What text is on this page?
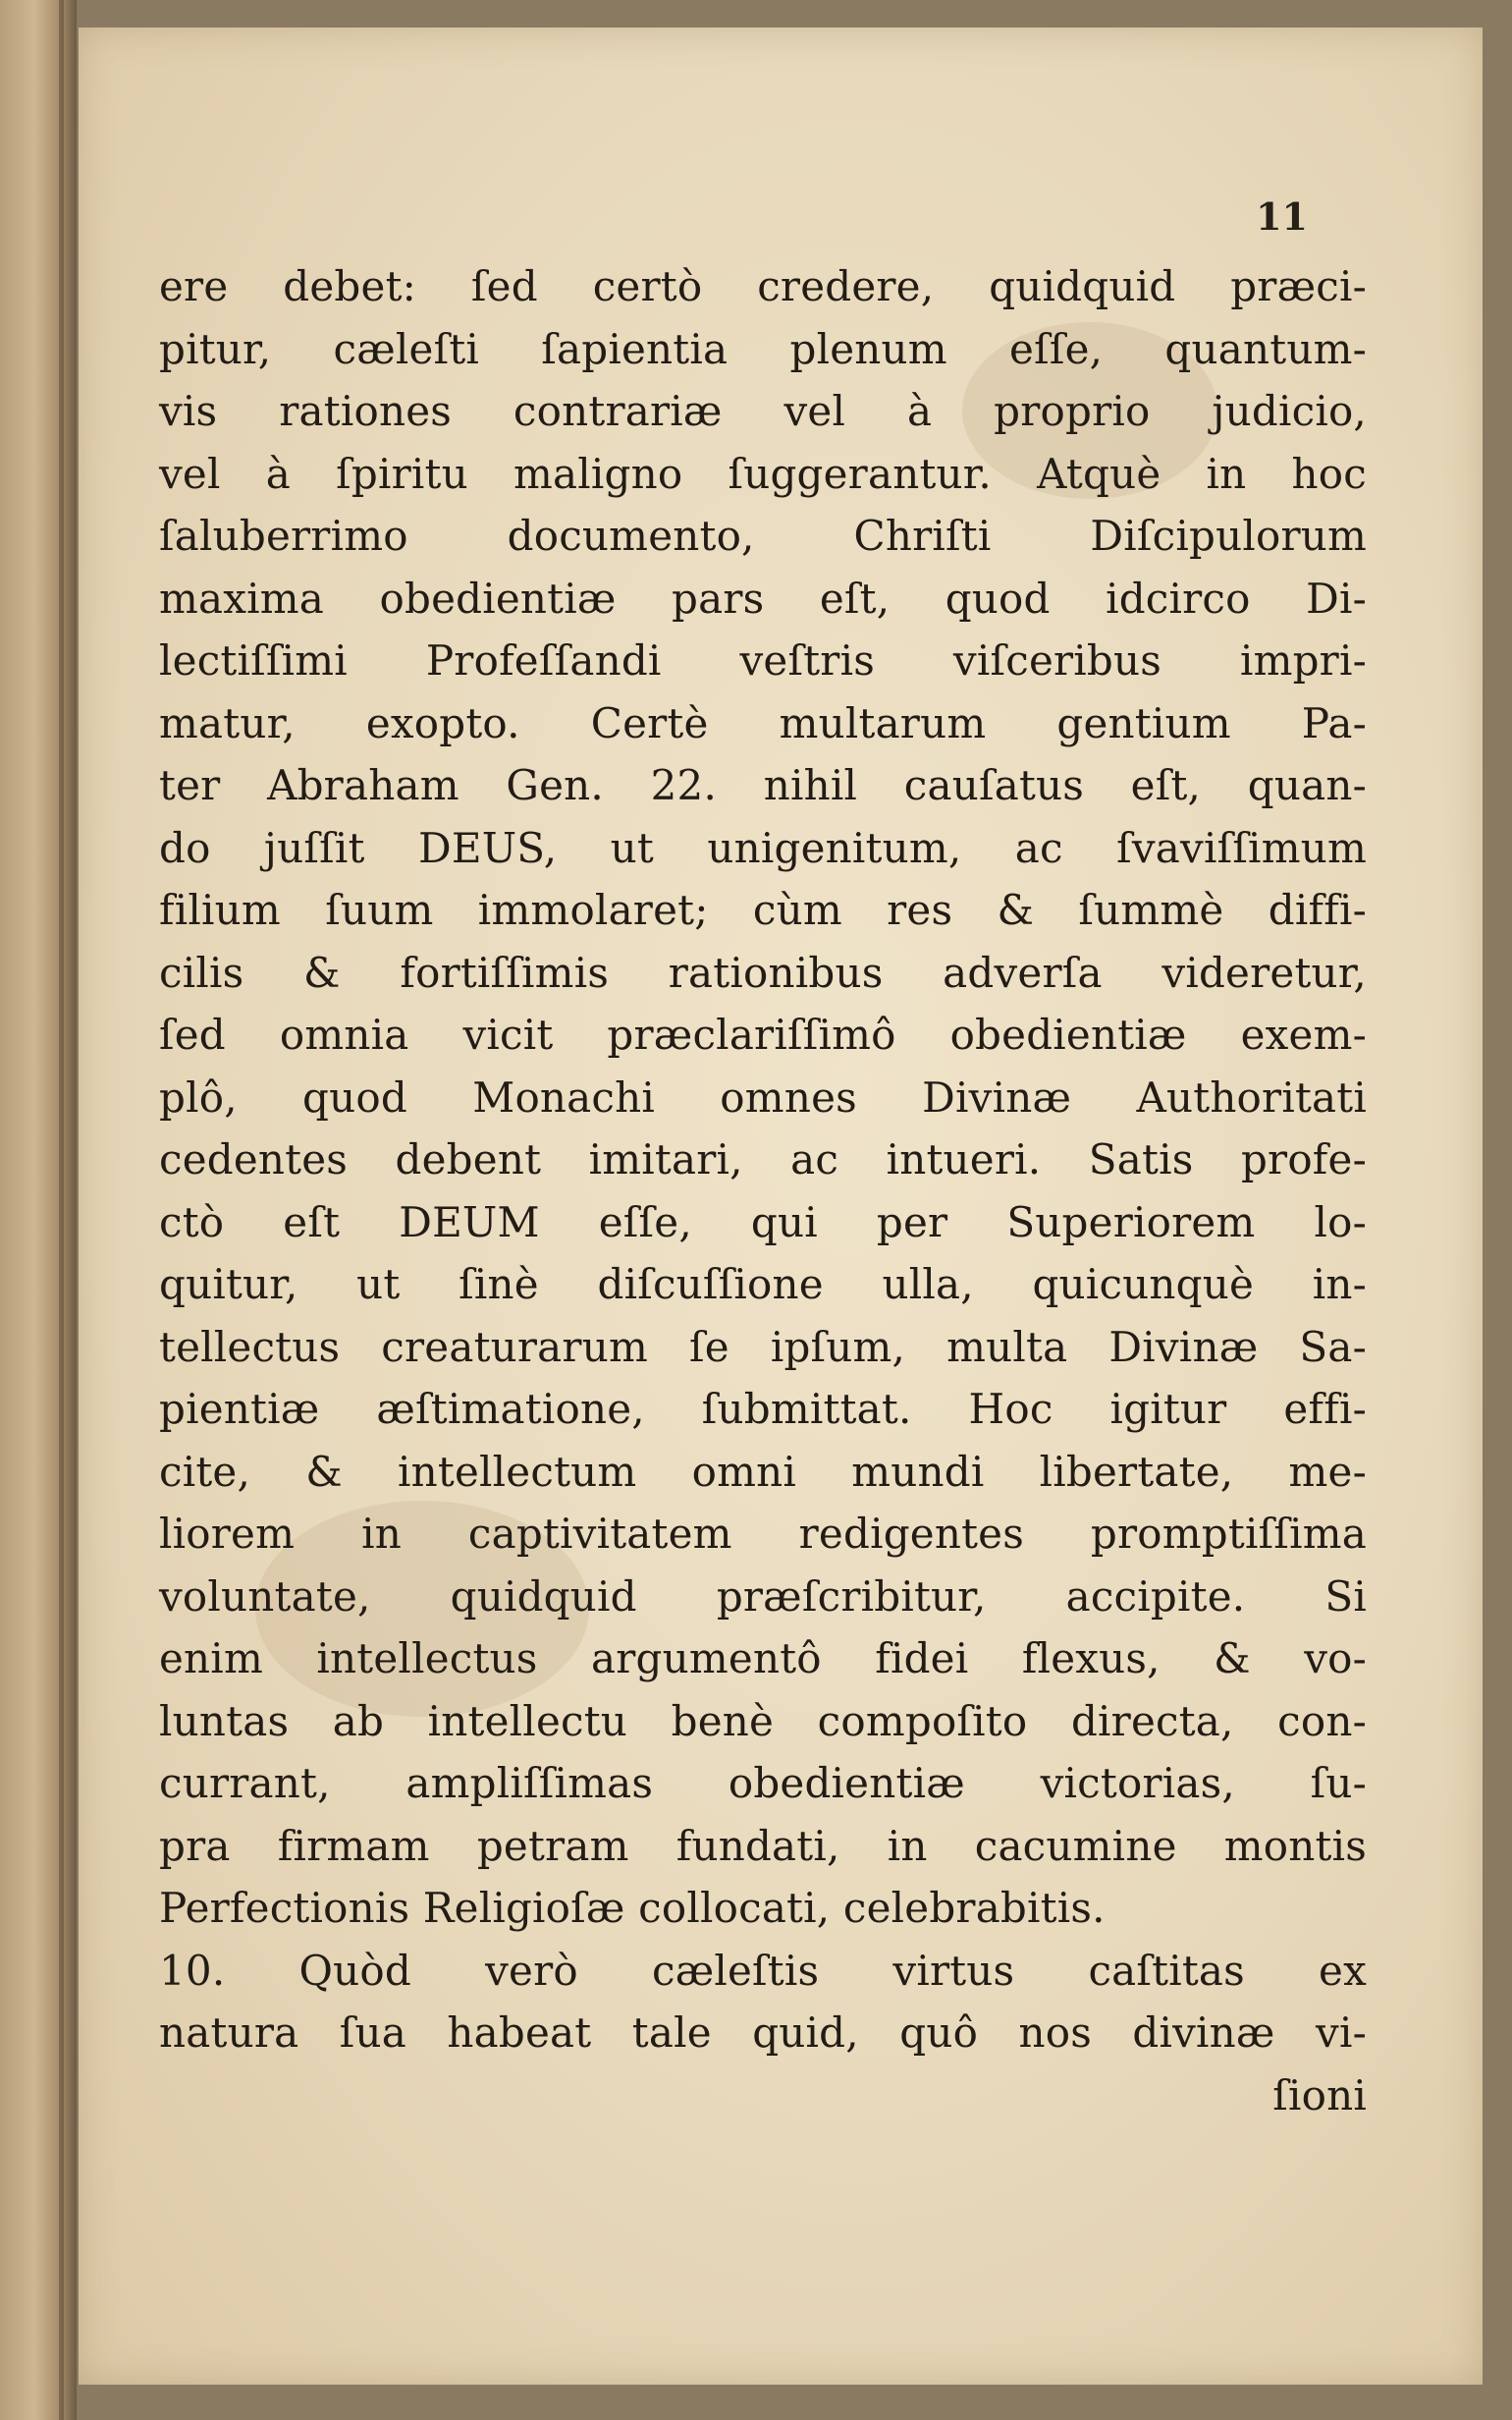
11
ere debet: ſed certò credere, quidquid præci-
pitur, cæleſti ſapientia plenum eſſe, quantum-
vis rationes contrariæ vel à proprio judicio,
vel à ſpiritu maligno ſuggerantur. Atquè in hoc
ſaluberrimo documento, Chriſti Diſcipulorum
maxima obedientiæ pars eſt, quod idcirco Di-
lectiſſimi Profeſſandi veſtris viſceribus impri-
matur, exopto. Certè multarum gentium Pa-
ter Abraham Gen. 22. nihil cauſatus eſt, quan-
do juſſit DEUS, ut unigenitum, ac ſvaviſſimum
filium ſuum immolaret; cùm res & ſummè diffi-
cilis & fortiſſimis rationibus adverſa videretur,
ſed omnia vicit præclariſſimô obedientiæ exem-
plô, quod Monachi omnes Divinæ Authoritati
cedentes debent imitari, ac intueri. Satis profe-
ctò eſt DEUM eſſe, qui per Superiorem lo-
quitur, ut ſinè diſcuſſione ulla, quicunquè in-
tellectus creaturarum ſe ipſum, multa Divinæ Sa-
pientiæ æſtimatione, ſubmittat. Hoc igitur effi-
cite, & intellectum omni mundi libertate, me-
liorem in captivitatem redigentes promptiſſima
voluntate, quidquid præſcribitur, accipite. Si
enim intellectus argumentô fidei flexus, & vo-
luntas ab intellectu benè compoſito directa, con-
currant, ampliſſimas obedientiæ victorias, ſu-
pra firmam petram fundati, in cacumine montis
Perfectionis Religioſæ collocati, celebrabitis.
10. Quòd verò cæleſtis virtus caſtitas ex
natura ſua habeat tale quid, quô nos divinæ vi-
ſioni
